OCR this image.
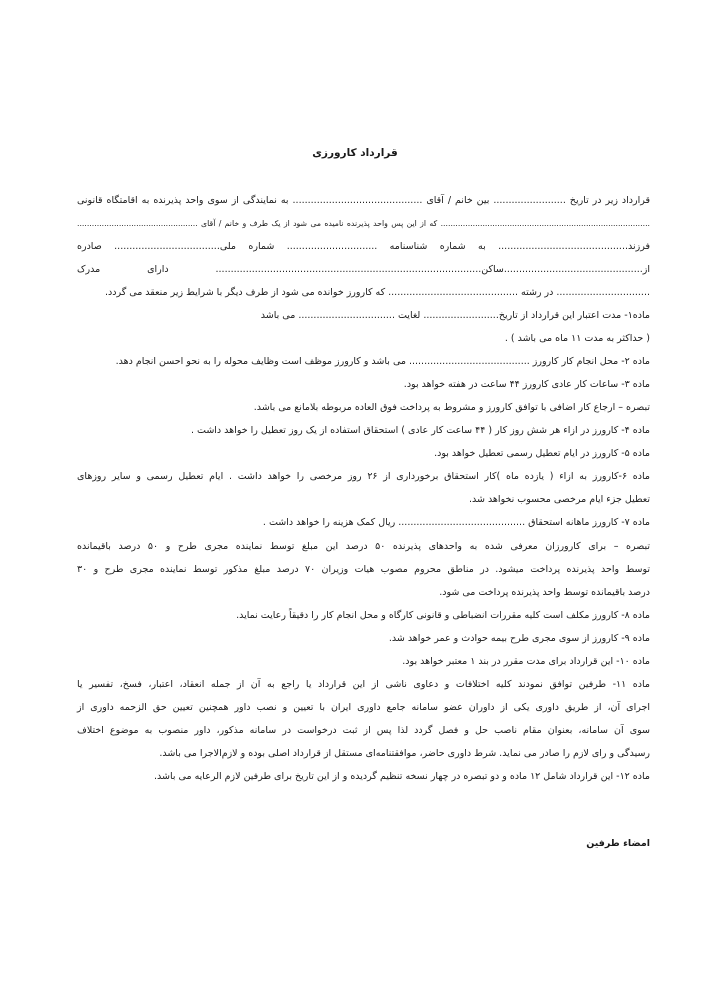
قرارداد کارورزی
قرارداد زیر در تاریخ ........................ بین خانم / آقای ........................................... به نمایندگی از سوی واحد پذیرنده به اقامتگاه قانونی
..................................................................................... که از این پس واحد پذیرنده نامیده می شود از یک طرف و خانم / آقای .................................................
فرزند........................................... به شماره شناسنامه .............................. شماره ملی................................... صادره
از..............................................ساکن........................................................................................ دارای مدرک
............................... در رشته ........................................... که کارورز خوانده می شود از طرف دیگر با شرایط زیر منعقد می گردد.
ماده۱- مدت اعتبار این قرارداد از تاریخ......................... لغایت ................................ می باشد
( حداکثر به مدت ۱۱ ماه می باشد ) .
ماده ۲- محل انجام کار کارورز ........................................ می باشد و کارورز موظف است وظایف محوله را به نحو احسن انجام دهد.
ماده ۳- ساعات کار عادی کارورز ۴۴ ساعت در هفته خواهد بود.
تبصره – ارجاع کار اضافی با توافق کارورز و مشروط به پرداخت فوق العاده مربوطه بلامانع می باشد.
ماده ۴- کارورز در ازاء هر شش روز کار ( ۴۴ ساعت کار عادی ) استحقاق استفاده از یک روز تعطیل را خواهد داشت .
ماده ۵- کارورز در ایام تعطیل رسمی تعطیل خواهد بود.
ماده ۶-کارورز به ازاء ( یازده ماه )کار استحقاق برخورداری از ۲۶ روز مرخصی را خواهد داشت . ایام تعطیل رسمی و سایر روزهای
تعطیل جزء ایام مرخصی محسوب نخواهد شد.
ماده ۷- کارورز ماهانه استحقاق .......................................... ریال کمک هزینه را خواهد داشت .
تبصره – برای کارورزان معرفی شده به واحدهای پذیرنده ۵۰ درصد این مبلغ توسط نماینده مجری طرح و ۵۰ درصد باقیمانده
توسط واحد پذیرنده پرداخت میشود. در مناطق محروم مصوب هیات وزیران ۷۰ درصد مبلغ مذکور توسط نماینده مجری طرح و ۳۰
درصد باقیمانده توسط واحد پذیرنده پرداخت می شود.
ماده ۸- کارورز مکلف است کلیه مقررات انضباطی و قانونی کارگاه و محل انجام کار را دقیقاً رعایت نماید.
ماده ۹- کارورز از سوی مجری طرح بیمه حوادث و عمر خواهد شد.
ماده ۱۰- این قرارداد برای مدت مقرر در بند ۱ معتبر خواهد بود.
ماده ۱۱- طرفین توافق نمودند کلیه اختلافات و دعاوی ناشی از این قرارداد یا راجع به آن از جمله انعقاد، اعتبار، فسخ، تفسیر یا
اجرای آن، از طریق داوری یکی از داوران عضو سامانه جامع داوری ایران با تعیین و نصب داور همچنین تعیین حق الزحمه داوری از
سوی آن سامانه، بعنوان مقام ناصب حل و فصل گردد لذا پس از ثبت درخواست در سامانه مذکور، داور منصوب به موضوع اختلاف
رسیدگی و رای لازم را صادر می نماید. شرط داوری حاضر، موافقتنامه‌ای مستقل از قرارداد اصلی بوده و لازم‌الاجرا می باشد.
ماده ۱۲- این قرارداد شامل ۱۲ ماده و دو تبصره در چهار نسخه تنظیم گردیده و از این تاریخ برای طرفین لازم الرعایه می باشد.
امضاء طرفین
